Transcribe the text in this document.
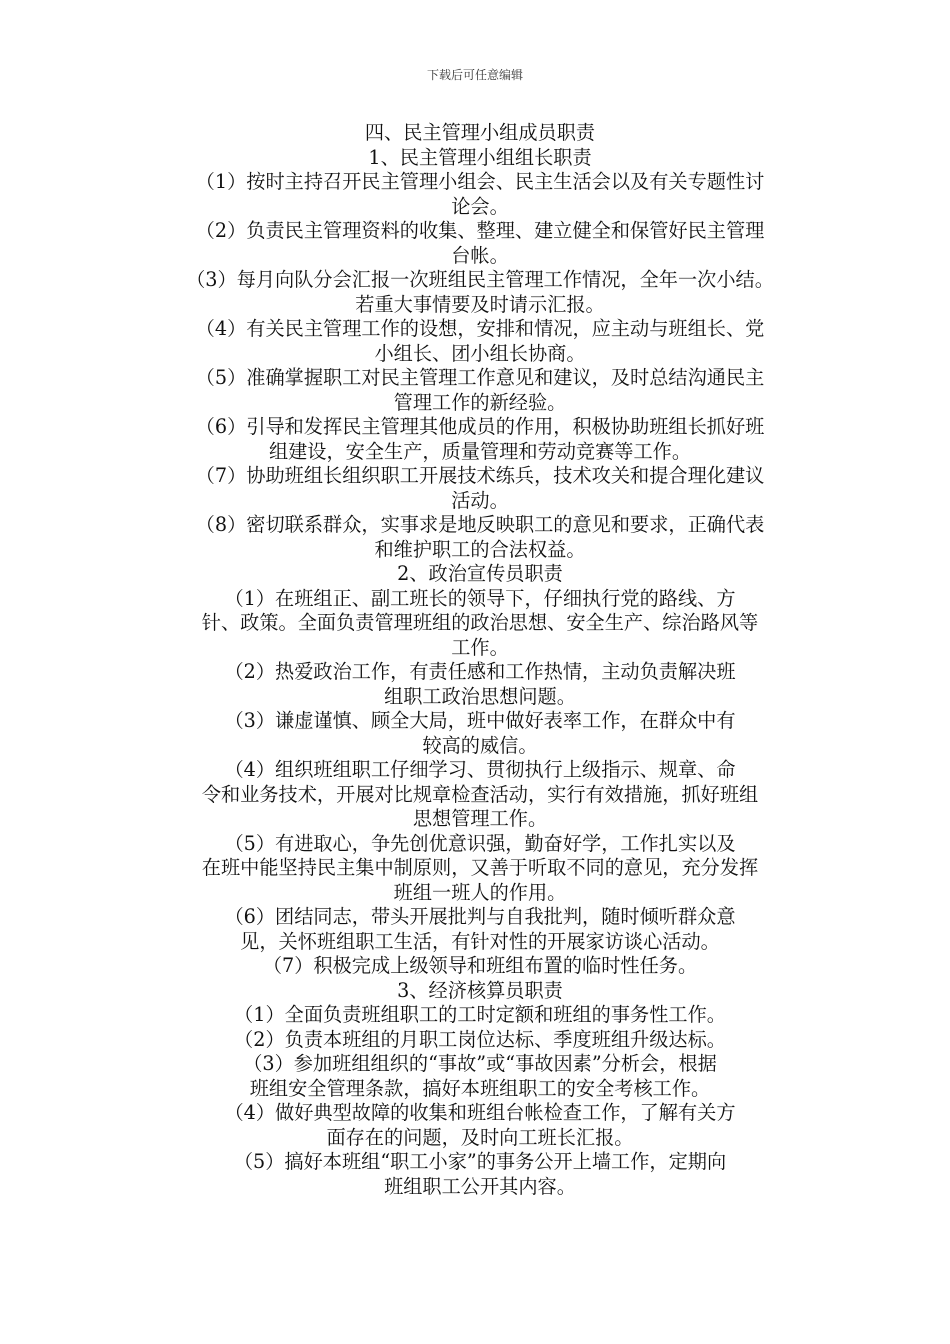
下载后可任意编辑
四、民主管理小组成员职责
1、民主管理小组组长职责
（1）按时主持召开民主管理小组会、民主生活会以及有关专题性讨
论会。
（2）负责民主管理资料的收集、整理、建立健全和保管好民主管理
台帐。
（3）每月向队分会汇报一次班组民主管理工作情况，全年一次小结。
若重大事情要及时请示汇报。
（4）有关民主管理工作的设想，安排和情况，应主动与班组长、党
小组长、团小组长协商。
（5）准确掌握职工对民主管理工作意见和建议，及时总结沟通民主
管理工作的新经验。
（6）引导和发挥民主管理其他成员的作用，积极协助班组长抓好班
组建设，安全生产，质量管理和劳动竞赛等工作。
（7）协助班组长组织职工开展技术练兵，技术攻关和提合理化建议
活动。
（8）密切联系群众，实事求是地反映职工的意见和要求，正确代表
和维护职工的合法权益。
2、政治宣传员职责
（1）在班组正、副工班长的领导下，仔细执行党的路线、方
针、政策。全面负责管理班组的政治思想、安全生产、综治路风等
工作。
（2）热爱政治工作，有责任感和工作热情，主动负责解决班
组职工政治思想问题。
（3）谦虚谨慎、顾全大局，班中做好表率工作，在群众中有
较高的威信。
（4）组织班组职工仔细学习、贯彻执行上级指示、规章、命
令和业务技术，开展对比规章检查活动，实行有效措施，抓好班组
思想管理工作。
（5）有进取心，争先创优意识强，勤奋好学，工作扎实以及
在班中能坚持民主集中制原则，又善于听取不同的意见，充分发挥
班组一班人的作用。
（6）团结同志，带头开展批判与自我批判，随时倾听群众意
见，关怀班组职工生活，有针对性的开展家访谈心活动。
（7）积极完成上级领导和班组布置的临时性任务。
3、经济核算员职责
（1）全面负责班组职工的工时定额和班组的事务性工作。
（2）负责本班组的月职工岗位达标、季度班组升级达标。
（3）参加班组组织的“事故”或“事故因素”分析会，根据
班组安全管理条款，搞好本班组职工的安全考核工作。
（4）做好典型故障的收集和班组台帐检查工作，了解有关方
面存在的问题，及时向工班长汇报。
（5）搞好本班组“职工小家”的事务公开上墙工作，定期向
班组职工公开其内容。
